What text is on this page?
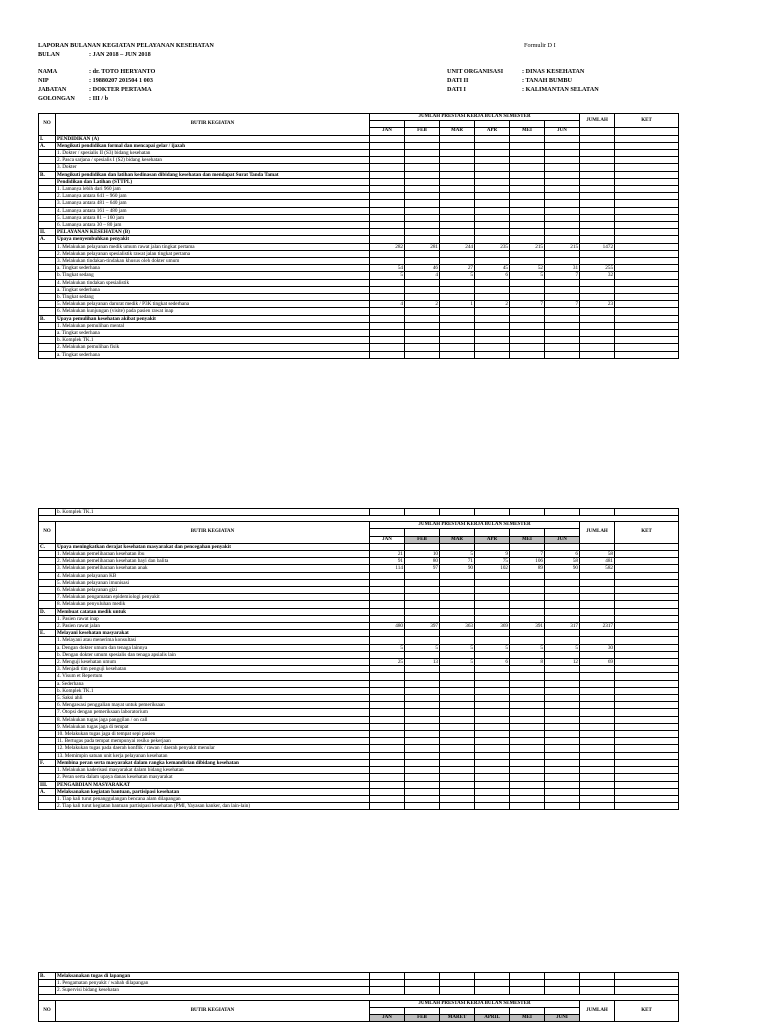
LAPORAN BULANAN KEGIATAN PELAYANAN KESEHATAN	Formulir D I
BULAN	: JAN 2018 – JUN 2018
NAMA	: dr. TOTO HERYANTO
NIP	: 19880207 201504 1 003
JABATAN	: DOKTER PERTAMA
GOLONGAN : III / b
UNIT ORGANISASI	: DINAS KESEHATAN
DATI II	: TANAH BUMBU
DATI I	: KALIMANTAN SELATAN
NO	BUTIR KEGIATAN	JUMLAH PRESTASI KERJA BULAN SEMESTER						JUMLAH	KET

		JAN	FEB	MAR	APR	MEI	JUN		
I.	PENDIDIKAN (A)								
A.	Mengikuti pendidikan formal dan mencapai gelar / ijazah								
	1. Dokter / spesialis II (S3) bidang kesehatan								
	2. Pasca sarjana / spesialis I (S2) bidang kesehatan								
	3. Dokter								
B.	Mengikuti pendidikan dan latihan kedinasan dibidang kesehatan dan mendapat Surat Tanda Tamat								
	Pendidikan dan Latihan (STTPL)								
	1. Lamanya lebih dari 960 jam								
	2. Lamanya antara 641 – 960 jam								
	3. Lamanya antara 481 – 640 jam								
	4. Lamanya antara 161 – 480 jam								
	5. Lamanya antara 81 – 160 jam								
	6. Lamanya antara 30 – 80 jam								
II.	PELAYANAN KESEHATAN (B)								
A.	Upaya menyembuhkan penyakit								
	1. Melakukan pelayanan medik umum rawat jalan tingkat pertama	282	281	244	235	215	215	1472	
	2. Melakukan pelayanan spesialistik rawat jalan tingkat pertama								
	3. Melakukan tindakan-tindakan khusus oleh dokter umum								
	a. Tingkat sederhana	54	46	27	45	52	31	255	
	b. Tingkat sedang	5	4	5	6	5	7	32	
	4. Melakukan tindakan spesialistik								
	a. Tingkat sederhana								
	b. Tingkat sedang								
	5. Melakukan pelayanan darurat medik / P3K tingkat sederhana	4	2	1	2	7	7	23	
	6. Melakukan kunjungan (visite) pada pasien rawat inap								
B.	Upaya pemulihan kesehatan akibat penyakit								
	1. Melakukan pemulihan mental								
	a. Tingkat sederhana								
	b. Komplek TK.1								
	2. Melakukan pemulihan fisik								
	a. Tingkat sederhana								
	b. Komplek TK.1								

NO	BUTIR KEGIATAN	JUMLAH PRESTASI KERJA BULAN SEMESTER						JUMLAH	KET

		JAN	FEB	MAR	APR	MEI	JUN		
C.	Upaya meningkatkan derajat kesehatan masyarakat dan pencegahan penyakit								
	1. Melakukan pemeliharaan kesehatan ibu	21	10	5	9	7	6	58	
	2. Melakukan pemeliharaan kesehatan bayi dan balita	91	80	71	75	106	58	481	
	3. Melakukan pemeliharaan kesehatan anak	114	97	90	102	89	90	582	
	4. Melakukan pelayanan KB								
	5. Melakukan pelayanan imunisasi								
	6. Melakukan pelayanan gizi								
	7. Melakukan pengamatan epidemiologi penyakit								
	8. Melakukan penyuluhan medik								
D.	Membuat catatan medik untuk								
	1. Pasien rawat inap								
	2. Pasien rawat jalan	480	397	363	369	391	317	2317	
E.	Melayani kesehatan masyarakat								
	1. Melayani atau menerima konsultasi								
	a. Dengan dokter umum dan tenaga lainnya	5	5	5	5	5	5	30	
	b. Dengan dokter umum spesialis dan tenaga apsialis lain								
	2. Menguji kesehatan umum	25	13	5	6	8	12	69	
	3. Menjadi tim penguji kesehatan								
	4. Visum et Repertum								
	a. Sederhana								
	b. Komplek TK.1								
	5. Saksi ahli								
	6. Mengawasi penggalian mayat untuk pemeriksaan								
	7. Otopsi dengan pemeriksaan laboratorium								
	8. Melakukan tugas jaga panggilan / on call								
	9. Melakukan tugas jaga di tempat								
	10. Melakukan tugas jaga di tempat sepi pasien								
	11. Bertugas pada tempat mempunyai resiko pekerjaan								
	12. Melakukan tugas pada daerah konflik / rawan / daerah penyakit menular								
	13. Memimpin satuan unit kerja pelayanan kesehatan								
F.	Membina peran serta masyarakat dalam rangka kemandirian dibidang kesehatan								
	1. Melakukan kaderisasi masyarakat dalam bidang kesehatan								
	2. Peran serta dalam upaya danas kesehatan masyarakat								
III.	PENGABDIAN MASYARAKAT								
A.	Melaksanakan kegiatan bantuan, partisipasi kesehatan								
	1. Tiap kali turut penanggulangan bencana alam dilapangan								
	2. Tiap kali turut kegiatan bantuan partisipasi kesehatan (PMI, Yayasan kanker, dan lain-lain)								
B.	Melaksanakan tugas di lapangan								
	1. Pengamatan penyakit / wabah dilapangan								
	2. Supervisi bidang kesehatan								

NO	BUTIR KEGIATAN	JUMLAH PRESTASI KERJA BULAN SEMESTER						JUMLAH	KET

		JAN	FEB	MARET	APRIL	MEI	JUNI		
